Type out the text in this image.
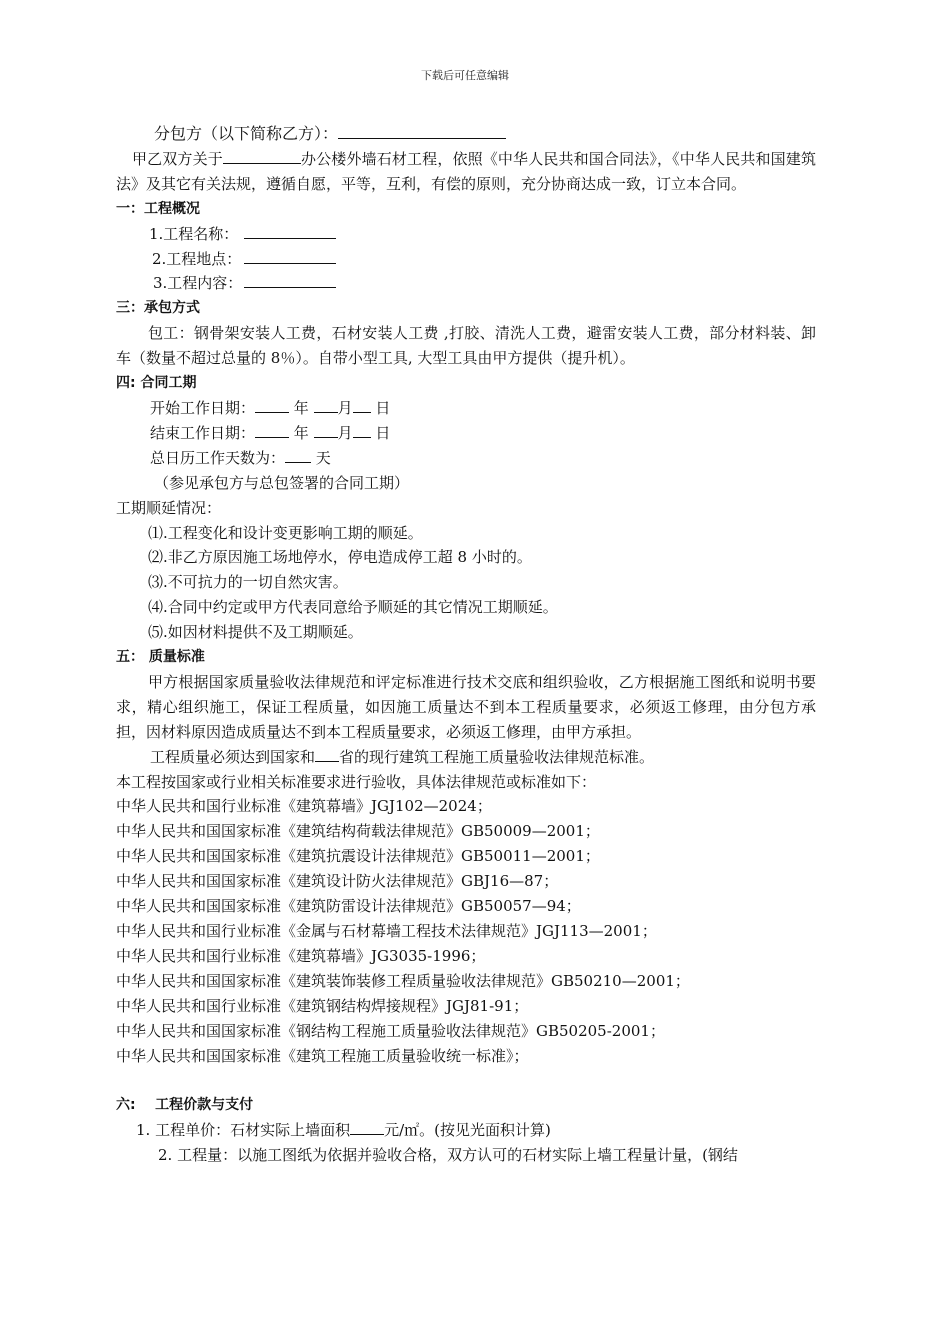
下载后可任意编辑

分包方（以下简称乙方）：

甲乙双方关于	办公楼外墙石材工程，依照《中华人民共和国合同法》，《中华人民共和国建筑法》及其它有关法规，遵循自愿，平等，互利，有偿的原则，充分协商达成一致，订立本合同。

一：工程概况

1.工程名称：

2.工程地点：

3.工程内容：

三：承包方式

包工：钢骨架安装人工费，石材安装人工费 ,打胶、清洗人工费，避雷安装人工费，部分材料装、卸车（数量不超过总量的 8％）。自带小型工具, 大型工具由甲方提供（提升机）。

四: 合同工期

开始工作日期：	年 月 日

结束工作日期：	年 月 日

总日历工作天数为： 天

（参见承包方与总包签署的合同工期）

工期顺延情况：

⑴.工程变化和设计变更影响工期的顺延。

⑵.非乙方原因施工场地停水，停电造成停工超 8 小时的。

⑶.不可抗力的一切自然灾害。

⑷.合同中约定或甲方代表同意给予顺延的其它情况工期顺延。

⑸.如因材料提供不及工期顺延。

五： 质量标准

甲方根据国家质量验收法律规范和评定标准进行技术交底和组织验收，乙方根据施工图纸和说明书要求，精心组织施工，保证工程质量，如因施工质量达不到本工程质量要求，必须返工修理，由分包方承担，因材料原因造成质量达不到本工程质量要求，必须返工修理，由甲方承担。

工程质量必须达到国家和 省的现行建筑工程施工质量验收法律规范标准。

本工程按国家或行业相关标准要求进行验收，具体法律规范或标准如下：

中华人民共和国行业标准《建筑幕墙》JGJ102—2024；

中华人民共和国国家标准《建筑结构荷载法律规范》GB50009—2001；

中华人民共和国国家标准《建筑抗震设计法律规范》GB50011—2001；

中华人民共和国国家标准《建筑设计防火法律规范》GBJ16—87；

中华人民共和国国家标准《建筑防雷设计法律规范》GB50057—94；

中华人民共和国行业标准《金属与石材幕墙工程技术法律规范》JGJ113—2001；

中华人民共和国行业标准《建筑幕墙》JG3035-1996；

中华人民共和国国家标准《建筑装饰装修工程质量验收法律规范》GB50210—2001；

中华人民共和国行业标准《建筑钢结构焊接规程》JGJ81-91；

中华人民共和国国家标准《钢结构工程施工质量验收法律规范》GB50205-2001；

中华人民共和国国家标准《建筑工程施工质量验收统一标准》；

六:    工程价款与支付

1. 工程单价：石材实际上墙面积 元/㎡。(按见光面积计算)

2. 工程量：以施工图纸为依据并验收合格，双方认可的石材实际上墙工程量计量，(钢结
